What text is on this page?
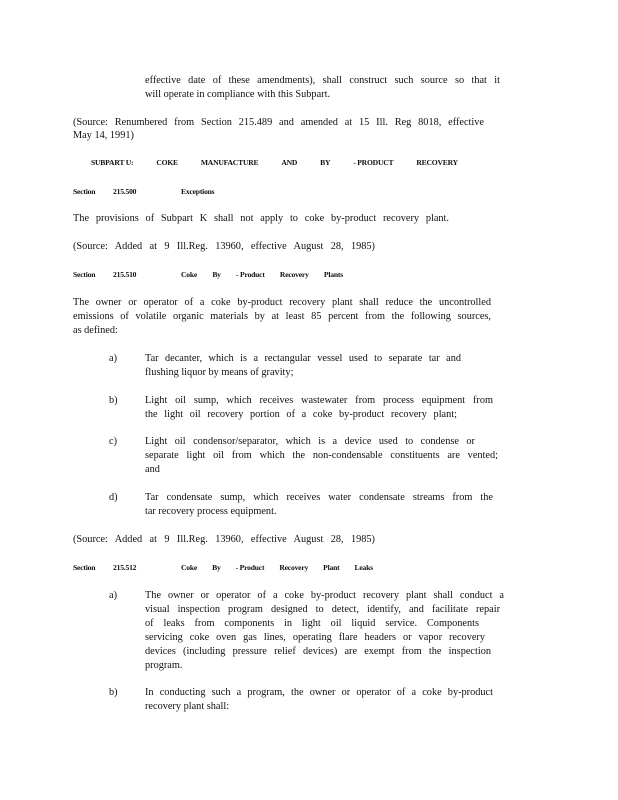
effective date of these amendments), shall construct such source so that it
will operate in compliance with this Subpart.
(Source: Renumbered from Section 215.489 and amended at 15 Ill. Reg 8018, effective
May 14, 1991)
SUBPART U:	COKE	MANUFACTURE	AND	BY	- PRODUCT	RECOVERY
Section 215.500	Exceptions
The provisions of Subpart K shall not apply to coke by-product recovery plant.
(Source: Added at 9 Ill.Reg. 13960, effective August 28, 1985)
Section 215.510	Coke By - Product Recovery Plants
The owner or operator of a coke by-product recovery plant shall reduce the uncontrolled
emissions of volatile organic materials by at least 85 percent from the following sources,
as defined:
a)	Tar decanter, which is a rectangular vessel used to separate tar and
flushing liquor by means of gravity;
b)	Light oil sump, which receives wastewater from process equipment from
the light oil recovery portion of a coke by-product recovery plant;
c)	Light oil condensor/separator, which is a device used to condense or
separate light oil from which the non-condensable constituents are vented;
and
d)	Tar condensate sump, which receives water condensate streams from the
tar recovery process equipment.
(Source: Added at 9 Ill.Reg. 13960, effective August 28, 1985)
Section 215.512	Coke By - Product Recovery Plant Leaks
a)	The owner or operator of a coke by-product recovery plant shall conduct a
visual inspection program designed to detect, identify, and facilitate repair
of leaks from components in light oil liquid service. Components
servicing coke oven gas lines, operating flare headers or vapor recovery
devices (including pressure relief devices) are exempt from the inspection
program.
b)	In conducting such a program, the owner or operator of a coke by-product
recovery plant shall:
